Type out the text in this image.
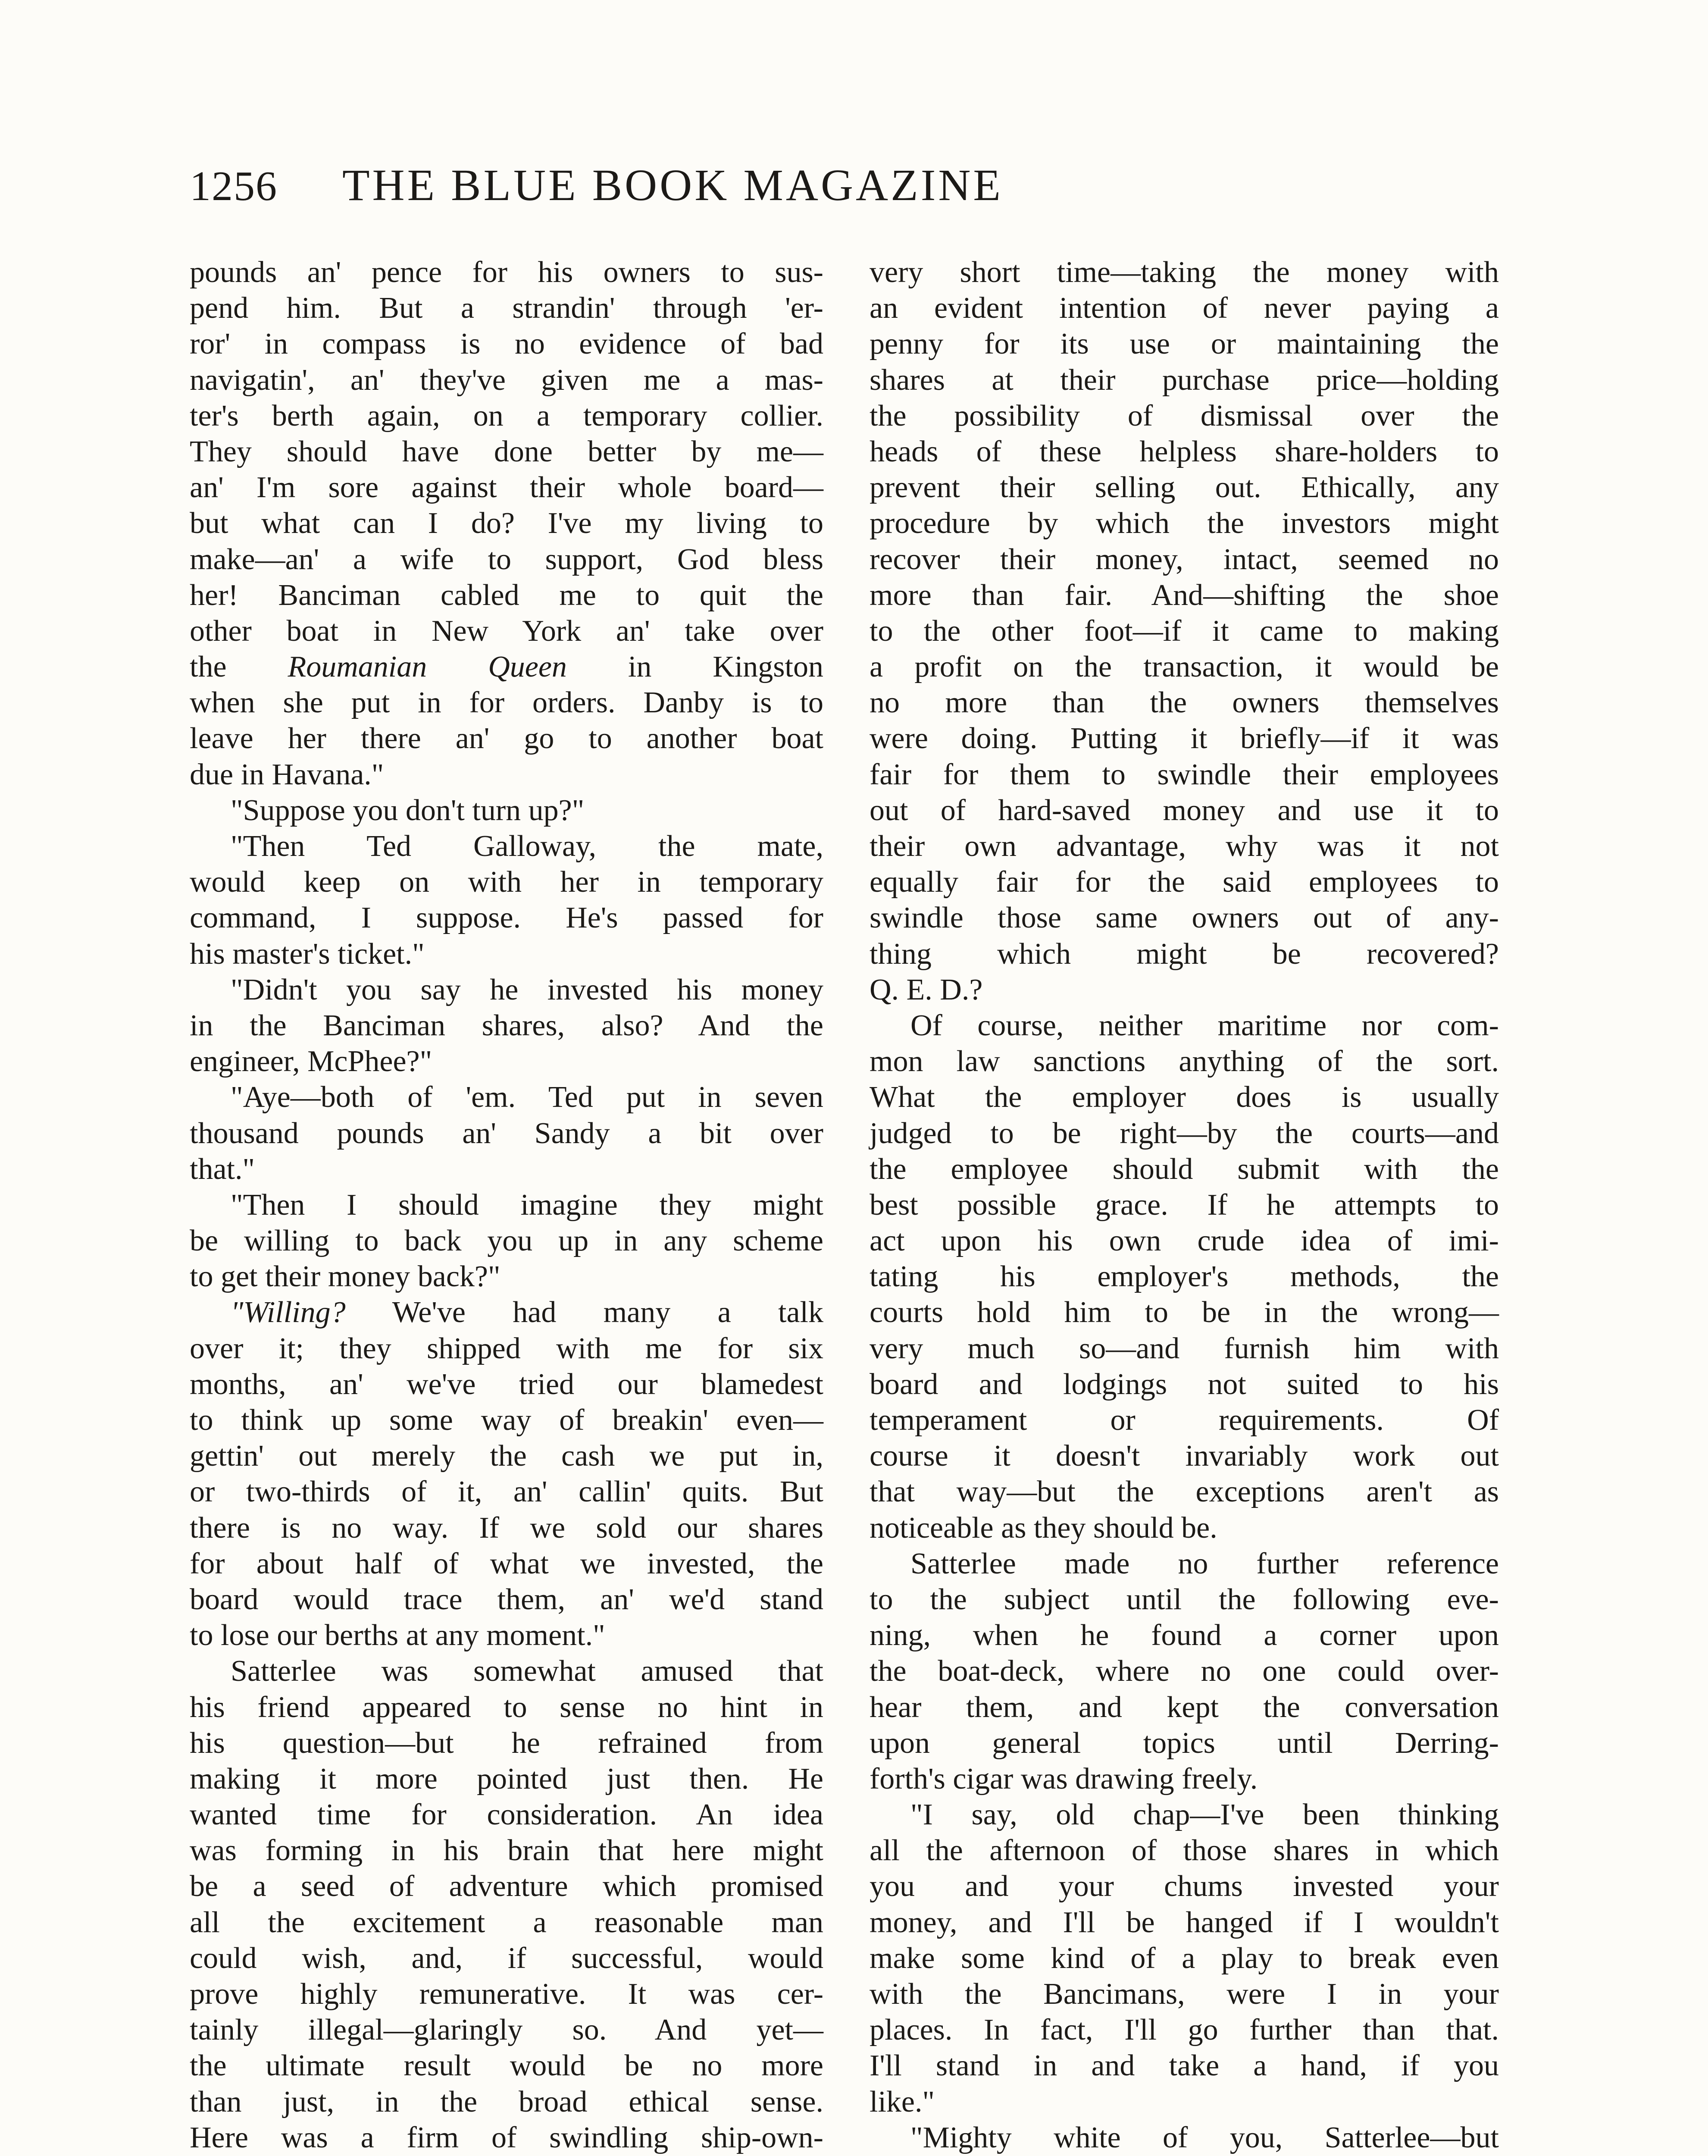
1256 THE BLUE BOOK MAGAZINE
pounds an' pence for his owners to sus-
pend him. But a strandin' through 'er-
ror' in compass is no evidence of bad
navigatin', an' they've given me a mas-
ter's berth again, on a temporary collier.
They should have done better by me—
an' I'm sore against their whole board—
but what can I do? I've my living to
make—an' a wife to support, God bless
her! Banciman cabled me to quit the
other boat in New York an' take over
the Roumanian Queen in Kingston
when she put in for orders. Danby is to
leave her there an' go to another boat
due in Havana."
"Suppose you don't turn up?"
"Then Ted Galloway, the mate,
would keep on with her in temporary
command, I suppose. He's passed for
his master's ticket."
"Didn't you say he invested his money
in the Banciman shares, also? And the
engineer, McPhee?"
"Aye—both of 'em. Ted put in seven
thousand pounds an' Sandy a bit over
that."
"Then I should imagine they might
be willing to back you up in any scheme
to get their money back?"
"Willing? We've had many a talk
over it; they shipped with me for six
months, an' we've tried our blamedest
to think up some way of breakin' even—
gettin' out merely the cash we put in,
or two-thirds of it, an' callin' quits. But
there is no way. If we sold our shares
for about half of what we invested, the
board would trace them, an' we'd stand
to lose our berths at any moment."
Satterlee was somewhat amused that
his friend appeared to sense no hint in
his question—but he refrained from
making it more pointed just then. He
wanted time for consideration. An idea
was forming in his brain that here might
be a seed of adventure which promised
all the excitement a reasonable man
could wish, and, if successful, would
prove highly remunerative. It was cer-
tainly illegal—glaringly so. And yet—
the ultimate result would be no more
than just, in the broad ethical sense.
Here was a firm of swindling ship-own-
very short time—taking the money with
an evident intention of never paying a
penny for its use or maintaining the
shares at their purchase price—holding
the possibility of dismissal over the
heads of these helpless share-holders to
prevent their selling out. Ethically, any
procedure by which the investors might
recover their money, intact, seemed no
more than fair. And—shifting the shoe
to the other foot—if it came to making
a profit on the transaction, it would be
no more than the owners themselves
were doing. Putting it briefly—if it was
fair for them to swindle their employees
out of hard-saved money and use it to
their own advantage, why was it not
equally fair for the said employees to
swindle those same owners out of any-
thing which might be recovered?
Q. E. D.?
Of course, neither maritime nor com-
mon law sanctions anything of the sort.
What the employer does is usually
judged to be right—by the courts—and
the employee should submit with the
best possible grace. If he attempts to
act upon his own crude idea of imi-
tating his employer's methods, the
courts hold him to be in the wrong—
very much so—and furnish him with
board and lodgings not suited to his
temperament or requirements. Of
course it doesn't invariably work out
that way—but the exceptions aren't as
noticeable as they should be.
Satterlee made no further reference
to the subject until the following eve-
ning, when he found a corner upon
the boat-deck, where no one could over-
hear them, and kept the conversation
upon general topics until Derring-
forth's cigar was drawing freely.
"I say, old chap—I've been thinking
all the afternoon of those shares in which
you and your chums invested your
money, and I'll be hanged if I wouldn't
make some kind of a play to break even
with the Bancimans, were I in your
places. In fact, I'll go further than that.
I'll stand in and take a hand, if you
like."
"Mighty white of you, Satterlee—but
